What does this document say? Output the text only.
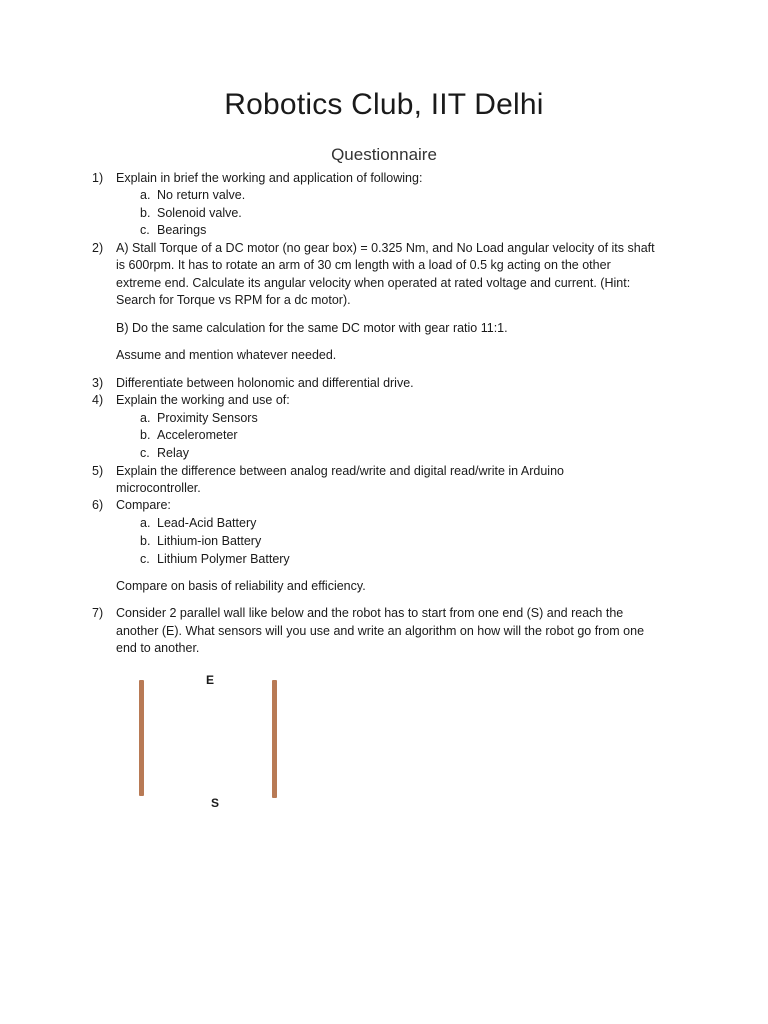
Robotics Club, IIT Delhi
Questionnaire
1) Explain in brief the working and application of following:
a. No return valve.
b. Solenoid valve.
c. Bearings
2) A) Stall Torque of a DC motor (no gear box) = 0.325 Nm, and No Load angular velocity of its shaft
is 600rpm. It has to rotate an arm of 30 cm length with a load of 0.5 kg acting on the other
extreme end. Calculate its angular velocity when operated at rated voltage and current. (Hint:
Search for Torque vs RPM for a dc motor).
B) Do the same calculation for the same DC motor with gear ratio 11:1.
Assume and mention whatever needed.
3) Differentiate between holonomic and differential drive.
4) Explain the working and use of:
a. Proximity Sensors
b. Accelerometer
c. Relay
5) Explain the difference between analog read/write and digital read/write in Arduino
microcontroller.
6) Compare:
a. Lead-Acid Battery
b. Lithium-ion Battery
c. Lithium Polymer Battery
Compare on basis of reliability and efficiency.
7) Consider 2 parallel wall like below and the robot has to start from one end (S) and reach the
another (E). What sensors will you use and write an algorithm on how will the robot go from one
end to another.
E
S
